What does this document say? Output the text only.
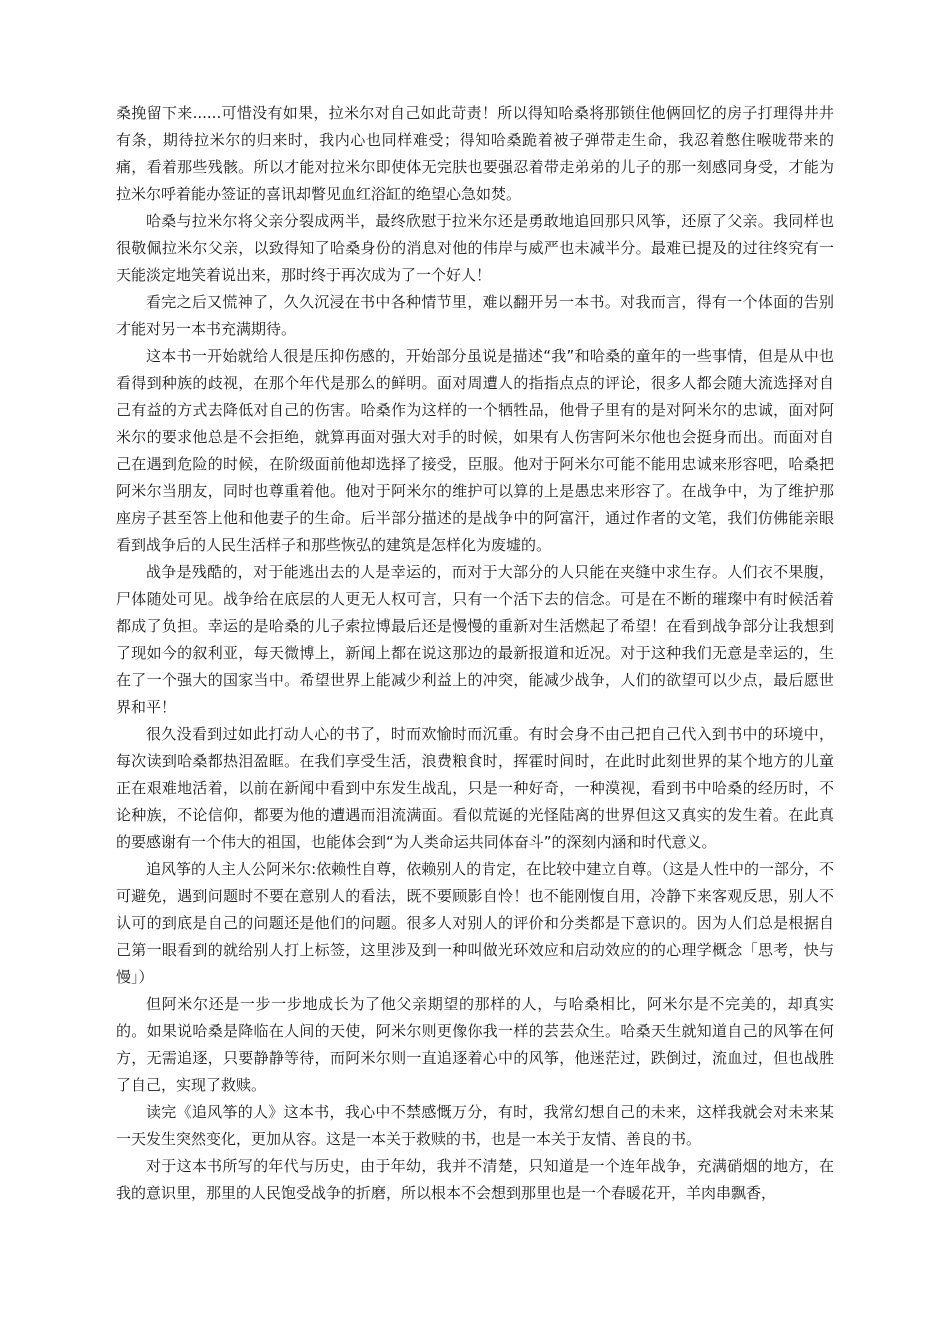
桑挽留下来......可惜没有如果，拉米尔对自己如此苛责！所以得知哈桑将那锁住他俩回忆的房子打理得井井有条，期待拉米尔的归来时，我内心也同样难受；得知哈桑跪着被子弹带走生命，我忍着憋住喉咙带来的痛，看着那些残骸。所以才能对拉米尔即使体无完肤也要强忍着带走弟弟的儿子的那一刻感同身受，才能为拉米尔呼着能办签证的喜讯却瞥见血红浴缸的绝望心急如焚。

哈桑与拉米尔将父亲分裂成两半，最终欣慰于拉米尔还是勇敢地追回那只风筝，还原了父亲。我同样也很敬佩拉米尔父亲，以致得知了哈桑身份的消息对他的伟岸与威严也未减半分。最难已提及的过往终究有一天能淡定地笑着说出来，那时终于再次成为了一个好人！

看完之后又慌神了，久久沉浸在书中各种情节里，难以翻开另一本书。对我而言，得有一个体面的告别才能对另一本书充满期待。

这本书一开始就给人很是压抑伤感的，开始部分虽说是描述“我”和哈桑的童年的一些事情，但是从中也看得到种族的歧视，在那个年代是那么的鲜明。面对周遭人的指指点点的评论，很多人都会随大流选择对自己有益的方式去降低对自己的伤害。哈桑作为这样的一个牺牲品，他骨子里有的是对阿米尔的忠诚，面对阿米尔的要求他总是不会拒绝，就算再面对强大对手的时候，如果有人伤害阿米尔他也会挺身而出。而面对自己在遇到危险的时候，在阶级面前他却选择了接受，臣服。他对于阿米尔可能不能用忠诚来形容吧，哈桑把阿米尔当朋友，同时也尊重着他。他对于阿米尔的维护可以算的上是愚忠来形容了。在战争中，为了维护那座房子甚至答上他和他妻子的生命。后半部分描述的是战争中的阿富汗，通过作者的文笔，我们仿佛能亲眼看到战争后的人民生活样子和那些恢弘的建筑是怎样化为废墟的。

战争是残酷的，对于能逃出去的人是幸运的，而对于大部分的人只能在夹缝中求生存。人们衣不果腹，尸体随处可见。战争给在底层的人更无人权可言，只有一个活下去的信念。可是在不断的璀璨中有时候活着都成了负担。幸运的是哈桑的儿子索拉博最后还是慢慢的重新对生活燃起了希望！在看到战争部分让我想到了现如今的叙利亚，每天微博上，新闻上都在说这那边的最新报道和近况。对于这种我们无意是幸运的，生在了一个强大的国家当中。希望世界上能减少利益上的冲突，能减少战争，人们的欲望可以少点，最后愿世界和平！

很久没看到过如此打动人心的书了，时而欢愉时而沉重。有时会身不由己把自己代入到书中的环境中，每次读到哈桑都热泪盈眶。在我们享受生活，浪费粮食时，挥霍时间时，在此时此刻世界的某个地方的儿童正在艰难地活着，以前在新闻中看到中东发生战乱，只是一种好奇，一种漠视，看到书中哈桑的经历时，不论种族，不论信仰，都要为他的遭遇而泪流满面。看似荒诞的光怪陆离的世界但这又真实的发生着。在此真的要感谢有一个伟大的祖国，也能体会到“为人类命运共同体奋斗”的深刻内涵和时代意义。

追风筝的人主人公阿米尔:依赖性自尊，依赖别人的肯定，在比较中建立自尊。（这是人性中的一部分，不可避免，遇到问题时不要在意别人的看法，既不要顾影自怜！也不能刚愎自用，冷静下来客观反思，别人不认可的到底是自己的问题还是他们的问题。很多人对别人的评价和分类都是下意识的。因为人们总是根据自己第一眼看到的就给别人打上标签，这里涉及到一种叫做光环效应和启动效应的的心理学概念「思考，快与慢」）

但阿米尔还是一步一步地成长为了他父亲期望的那样的人，与哈桑相比，阿米尔是不完美的，却真实的。如果说哈桑是降临在人间的天使，阿米尔则更像你我一样的芸芸众生。哈桑天生就知道自己的风筝在何方，无需追逐，只要静静等待，而阿米尔则一直追逐着心中的风筝，他迷茫过，跌倒过，流血过，但也战胜了自己，实现了救赎。

读完《追风筝的人》这本书，我心中不禁感慨万分，有时，我常幻想自己的未来，这样我就会对未来某一天发生突然变化，更加从容。这是一本关于救赎的书，也是一本关于友情、善良的书。

对于这本书所写的年代与历史，由于年幼，我并不清楚，只知道是一个连年战争，充满硝烟的地方，在我的意识里，那里的人民饱受战争的折磨，所以根本不会想到那里也是一个春暖花开，羊肉串飘香，
